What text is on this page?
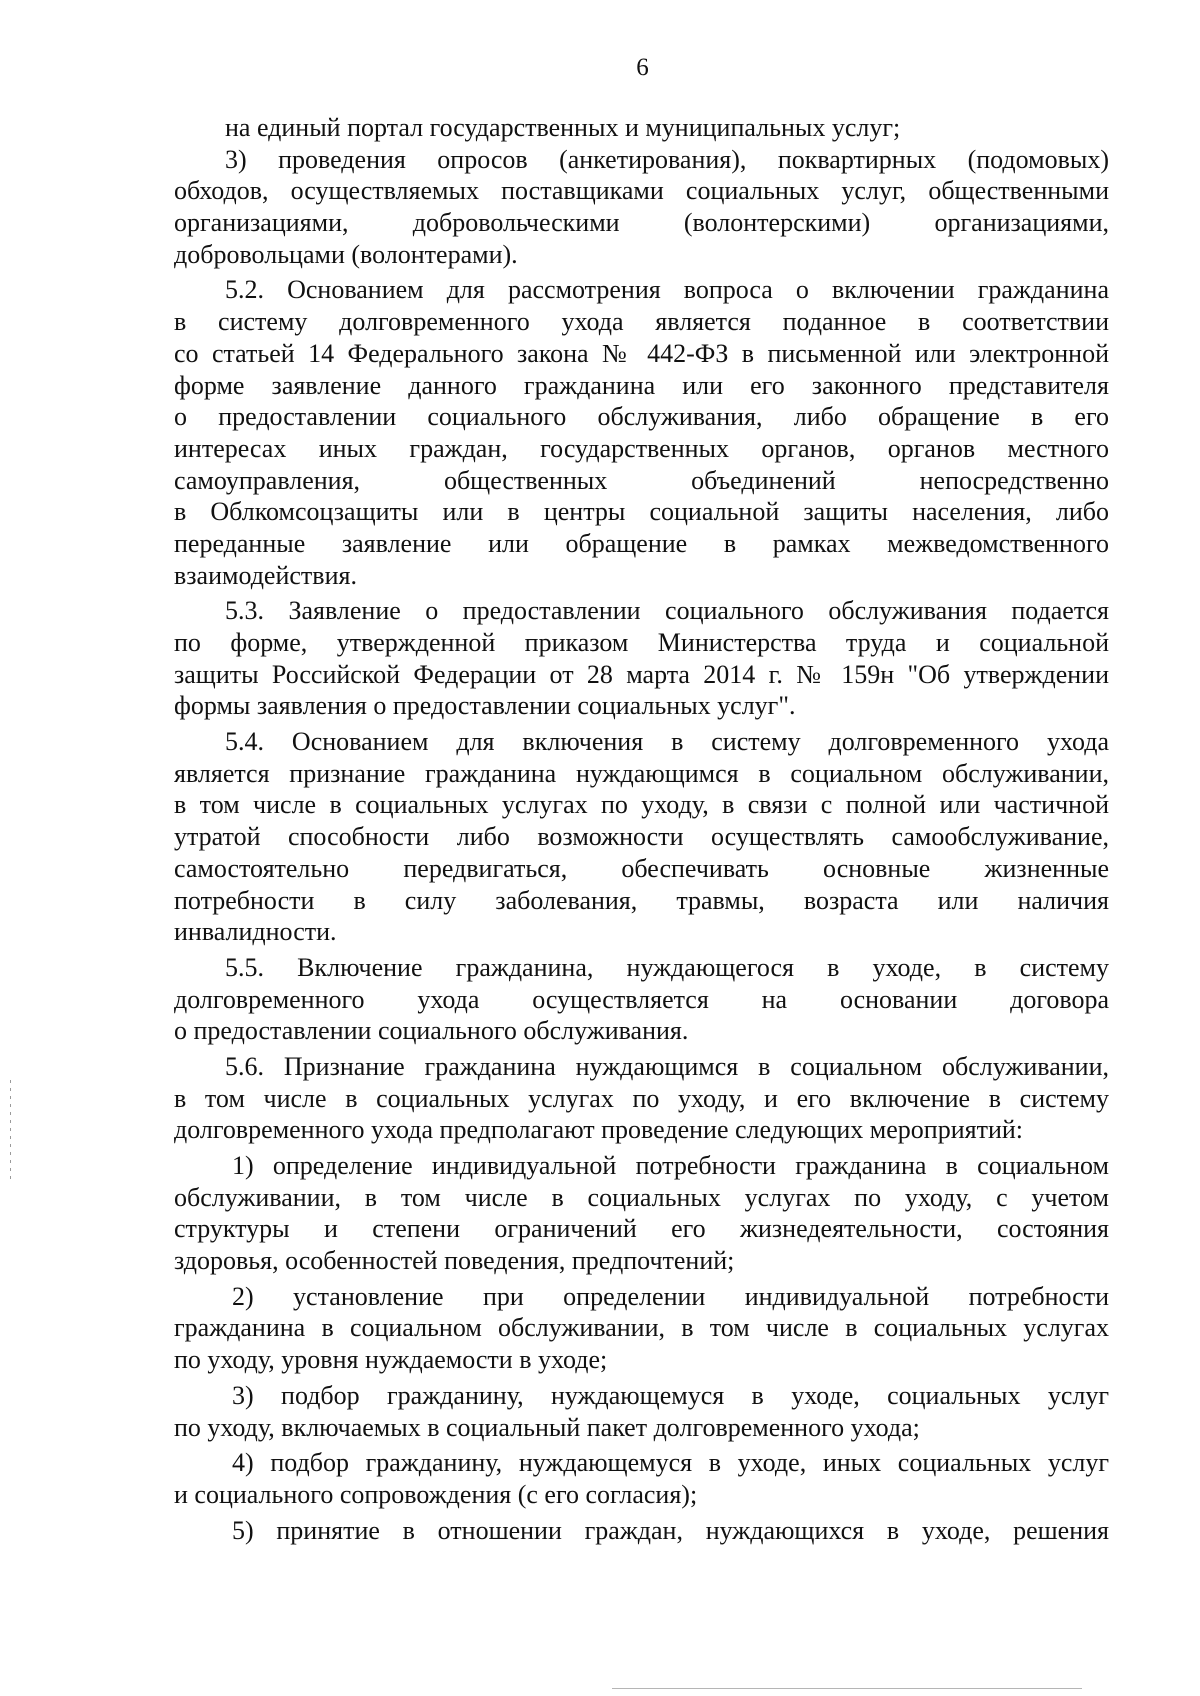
6
на единый портал государственных и муниципальных услуг;
3) проведения опросов (анкетирования), поквартирных (подомовых)
обходов, осуществляемых поставщиками социальных услуг, общественными
организациями, добровольческими (волонтерскими) организациями,
добровольцами (волонтерами).
5.2. Основанием для рассмотрения вопроса о включении гражданина
в систему долговременного ухода является поданное в соответствии
со статьей 14 Федерального закона № 442-ФЗ в письменной или электронной
форме заявление данного гражданина или его законного представителя
о предоставлении социального обслуживания, либо обращение в его
интересах иных граждан, государственных органов, органов местного
самоуправления, общественных объединений непосредственно
в Облкомсоцзащиты или в центры социальной защиты населения, либо
переданные заявление или обращение в рамках межведомственного
взаимодействия.
5.3. Заявление о предоставлении социального обслуживания подается
по форме, утвержденной приказом Министерства труда и социальной
защиты Российской Федерации от 28 марта 2014 г. № 159н "Об утверждении
формы заявления о предоставлении социальных услуг".
5.4. Основанием для включения в систему долговременного ухода
является признание гражданина нуждающимся в социальном обслуживании,
в том числе в социальных услугах по уходу, в связи с полной или частичной
утратой способности либо возможности осуществлять самообслуживание,
самостоятельно передвигаться, обеспечивать основные жизненные
потребности в силу заболевания, травмы, возраста или наличия
инвалидности.
5.5. Включение гражданина, нуждающегося в уходе, в систему
долговременного ухода осуществляется на основании договора
о предоставлении социального обслуживания.
5.6. Признание гражданина нуждающимся в социальном обслуживании,
в том числе в социальных услугах по уходу, и его включение в систему
долговременного ухода предполагают проведение следующих мероприятий:
1) определение индивидуальной потребности гражданина в социальном
обслуживании, в том числе в социальных услугах по уходу, с учетом
структуры и степени ограничений его жизнедеятельности, состояния
здоровья, особенностей поведения, предпочтений;
2) установление при определении индивидуальной потребности
гражданина в социальном обслуживании, в том числе в социальных услугах
по уходу, уровня нуждаемости в уходе;
3) подбор гражданину, нуждающемуся в уходе, социальных услуг
по уходу, включаемых в социальный пакет долговременного ухода;
4) подбор гражданину, нуждающемуся в уходе, иных социальных услуг
и социального сопровождения (с его согласия);
5) принятие в отношении граждан, нуждающихся в уходе, решения
